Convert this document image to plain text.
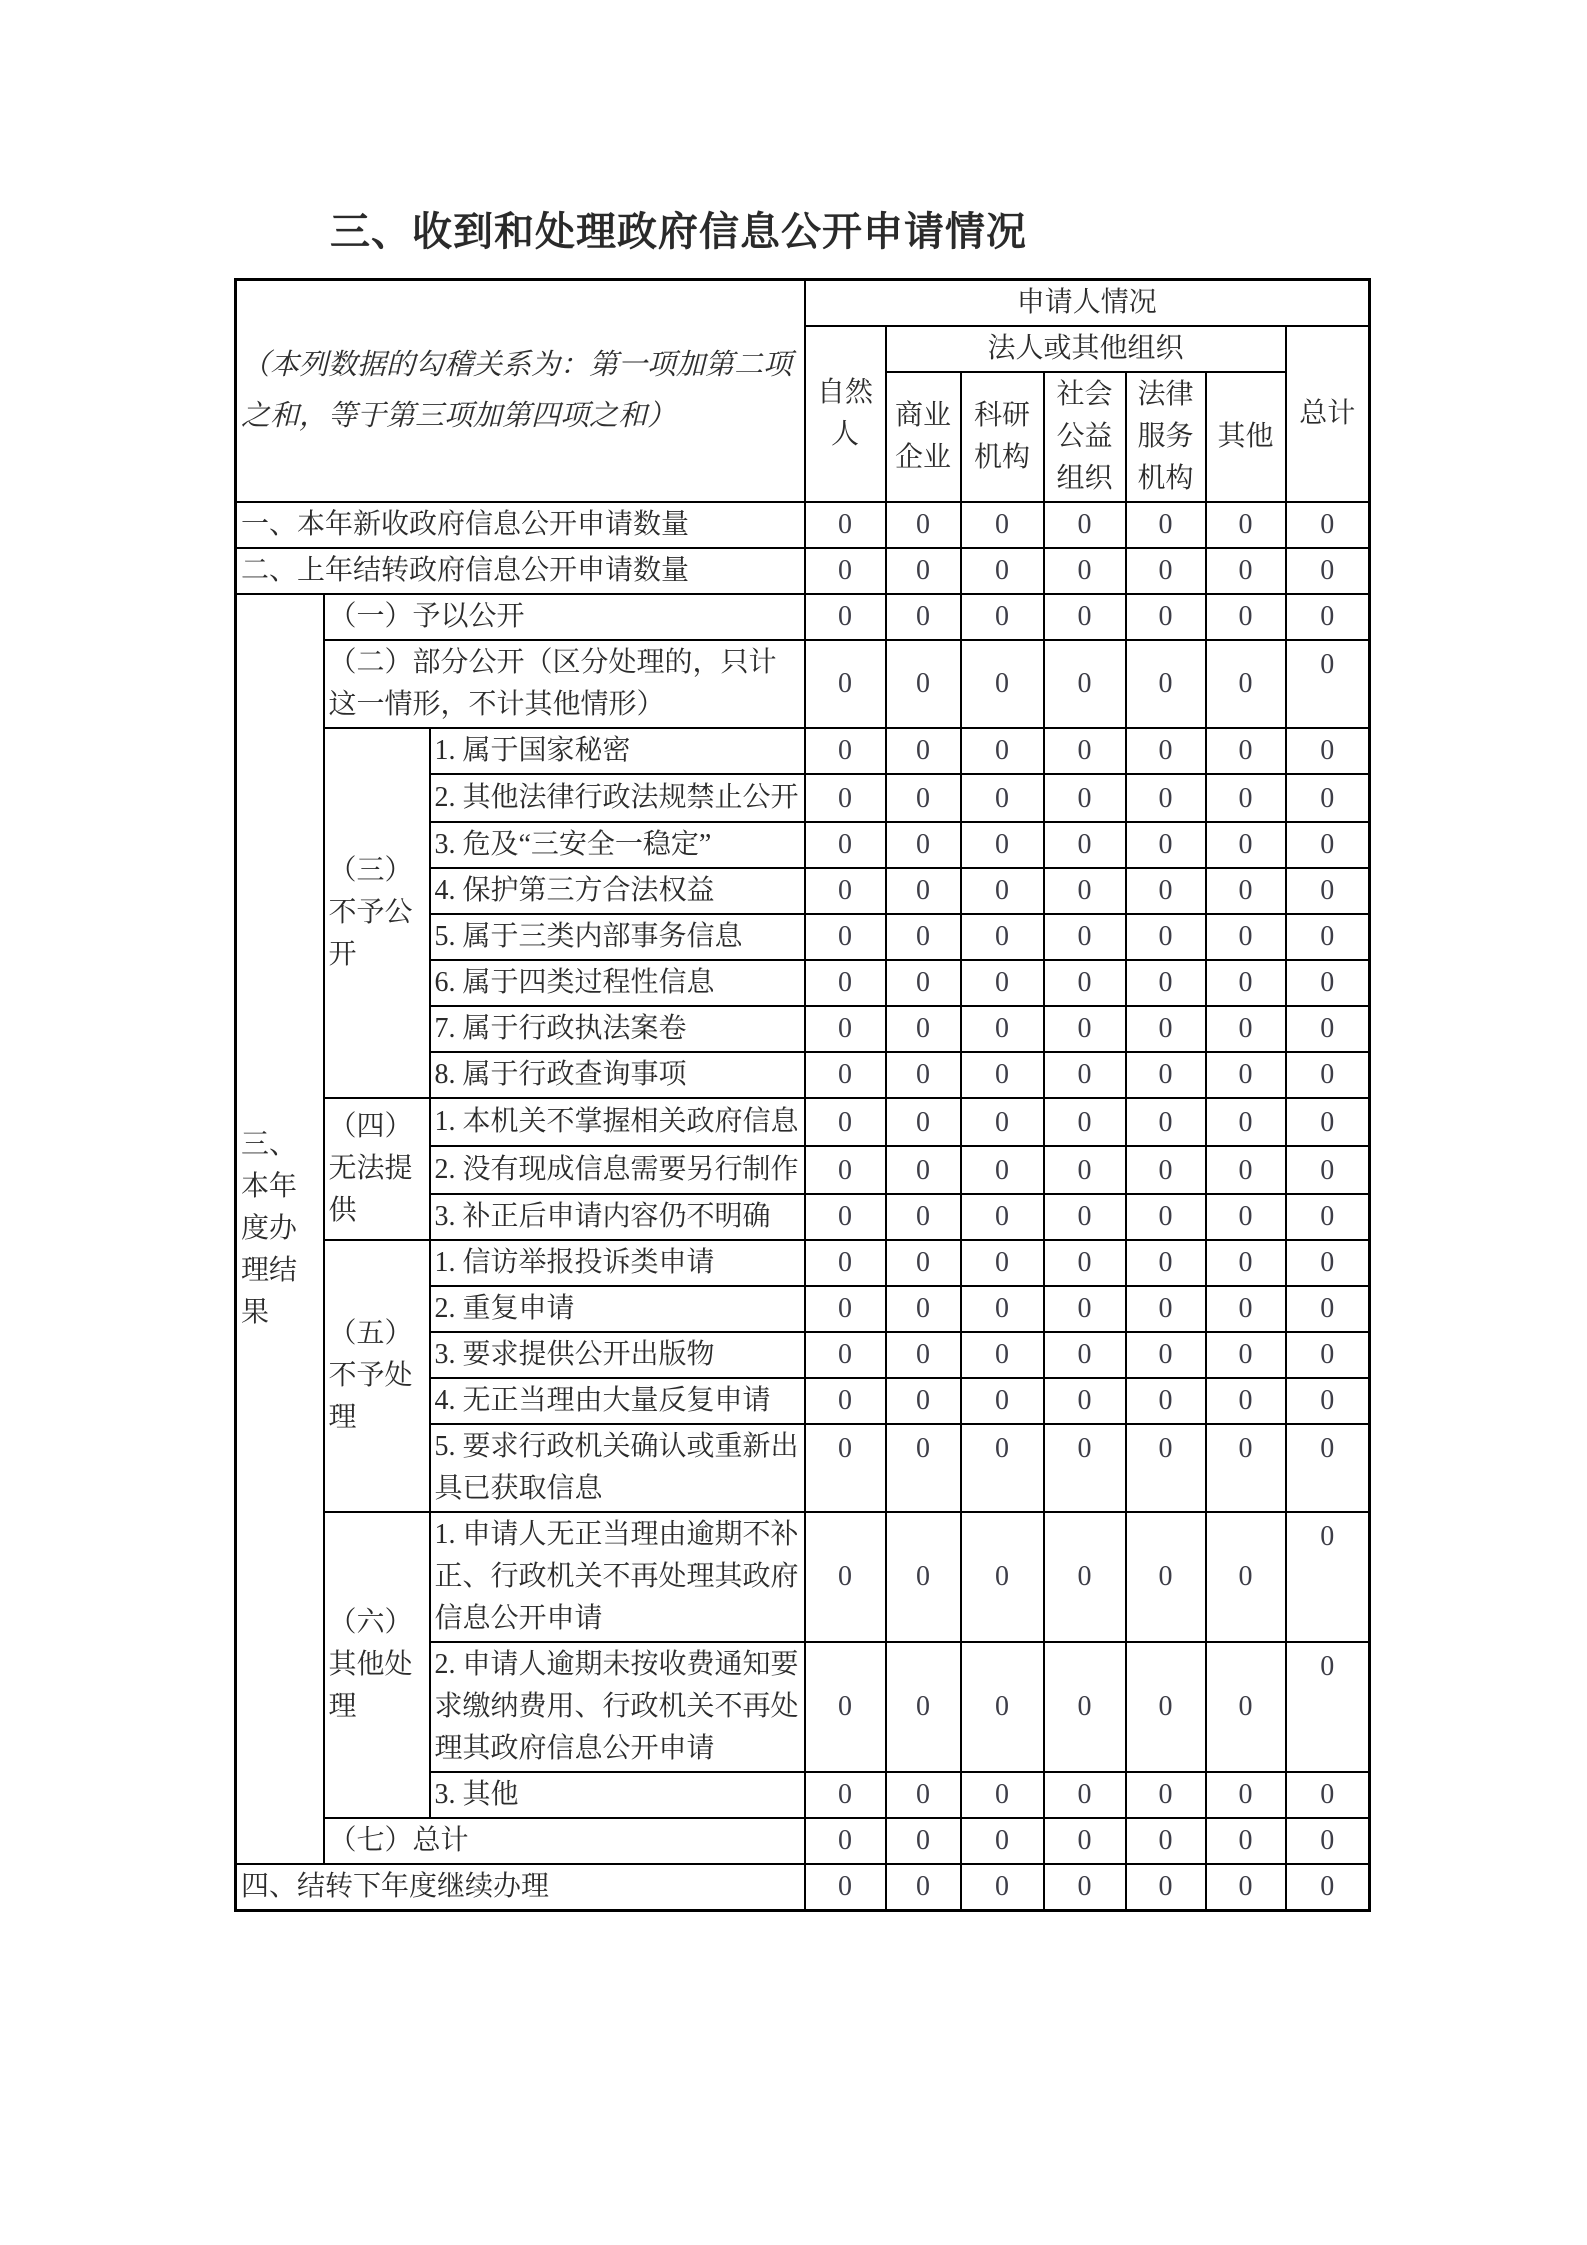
三、收到和处理政府信息公开申请情况
（本列数据的勾稽关系为：第一项加第二项之和，等于第三项加第四项之和）			申请人情况						
			自然人	法人或其他组织					总计
				商业企业	科研机构	社会公益组织	法律服务机构	其他	
一、本年新收政府信息公开申请数量			0	0	0	0	0	0	0
二、上年结转政府信息公开申请数量			0	0	0	0	0	0	0
三、本年度办理结果	（一）予以公开		0	0	0	0	0	0	0
	（二）部分公开（区分处理的，只计这一情形，不计其他情形）		0	0	0	0	0	0	0
	（三）不予公开	1. 属于国家秘密	0	0	0	0	0	0	0
		2. 其他法律行政法规禁止公开	0	0	0	0	0	0	0
		3. 危及“三安全一稳定”	0	0	0	0	0	0	0
		4. 保护第三方合法权益	0	0	0	0	0	0	0
		5. 属于三类内部事务信息	0	0	0	0	0	0	0
		6. 属于四类过程性信息	0	0	0	0	0	0	0
		7. 属于行政执法案卷	0	0	0	0	0	0	0
		8. 属于行政查询事项	0	0	0	0	0	0	0
	（四）无法提供	1. 本机关不掌握相关政府信息	0	0	0	0	0	0	0
		2. 没有现成信息需要另行制作	0	0	0	0	0	0	0
		3. 补正后申请内容仍不明确	0	0	0	0	0	0	0
	（五）不予处理	1. 信访举报投诉类申请	0	0	0	0	0	0	0
		2. 重复申请	0	0	0	0	0	0	0
		3. 要求提供公开出版物	0	0	0	0	0	0	0
		4. 无正当理由大量反复申请	0	0	0	0	0	0	0
		5. 要求行政机关确认或重新出具已获取信息	0	0	0	0	0	0	0
	（六）其他处理	1. 申请人无正当理由逾期不补正、行政机关不再处理其政府信息公开申请	0	0	0	0	0	0	0
		2. 申请人逾期未按收费通知要求缴纳费用、行政机关不再处理其政府信息公开申请	0	0	0	0	0	0	0
		3. 其他	0	0	0	0	0	0	0
	（七）总计		0	0	0	0	0	0	0
四、结转下年度继续办理			0	0	0	0	0	0	0
